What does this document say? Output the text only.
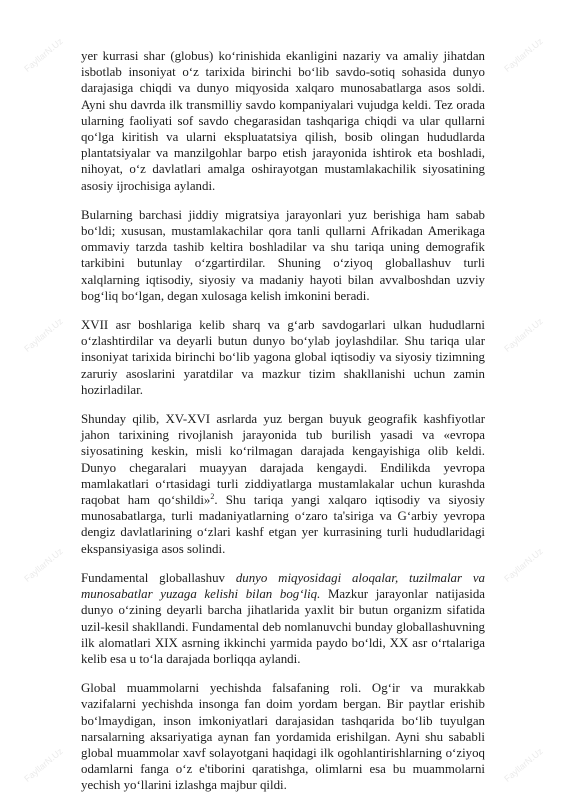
yer kurrasi shar (globus) ko‘rinishida ekanligini nazariy va amaliy jihatdan isbotlab insoniyat o‘z tarixida birinchi bo‘lib savdo-sotiq sohasida dunyo darajasiga chiqdi va dunyo miqyosida xalqaro munosabatlarga asos soldi. Ayni shu davrda ilk transmilliy savdo kompaniyalari vujudga keldi. Tez orada ularning faoliyati sof savdo chegarasidan tashqariga chiqdi va ular qullarni qo‘lga kiritish va ularni ekspluatatsiya qilish, bosib olingan hududlarda plantatsiyalar va manzilgohlar barpo etish jarayonida ishtirok eta boshladi, nihoyat, o‘z davlatlari amalga oshirayotgan mustamlakachilik siyosatining asosiy ijrochisiga aylandi.

Bularning barchasi jiddiy migratsiya jarayonlari yuz berishiga ham sabab bo‘ldi; xususan, mustamlakachilar qora tanli qullarni Afrikadan Amerikaga ommaviy tarzda tashib keltira boshladilar va shu tariqa uning demografik tarkibini butunlay o‘zgartirdilar. Shuning o‘ziyoq globallashuv turli xalqlarning iqtisodiy, siyosiy va madaniy hayoti bilan avvalboshdan uzviy bog‘liq bo‘lgan, degan xulosaga kelish imkonini beradi.

XVII asr boshlariga kelib sharq va g‘arb savdogarlari ulkan hududlarni o‘zlashtirdilar va deyarli butun dunyo bo‘ylab joylashdilar. Shu tariqa ular insoniyat tarixida birinchi bo‘lib yagona global iqtisodiy va siyosiy tizimning zaruriy asoslarini yaratdilar va mazkur tizim shakllanishi uchun zamin hozirladilar.

Shunday qilib, XV-XVI asrlarda yuz bergan buyuk geografik kashfiyotlar jahon tarixining rivojlanish jarayonida tub burilish yasadi va «evropa siyosatining keskin, misli ko‘rilmagan darajada kengayishiga olib keldi. Dunyo chegaralari muayyan darajada kengaydi. Endilikda yevropa mamlakatlari o‘rtasidagi turli ziddiyatlarga mustamlakalar uchun kurashda raqobat ham qo‘shildi»$^2$. Shu tariqa yangi xalqaro iqtisodiy va siyosiy munosabatlarga, turli madaniyatlarning o‘zaro ta'siriga va G‘arbiy yevropa dengiz davlatlarining o‘zlari kashf etgan yer kurrasining turli hududlaridagi ekspansiyasiga asos solindi.

Fundamental globallashuv dunyo miqyosidagi aloqalar, tuzilmalar va munosabatlar yuzaga kelishi bilan bog‘liq. Mazkur jarayonlar natijasida dunyo o‘zining deyarli barcha jihatlarida yaxlit bir butun organizm sifatida uzil-kesil shakllandi. Fundamental deb nomlanuvchi bunday globallashuvning ilk alomatlari XIX asrning ikkinchi yarmida paydo bo‘ldi, XX asr o‘rtalariga kelib esa u to‘la darajada borliqqa aylandi.

Global muammolarni yechishda falsafaning roli. Og‘ir va murakkab vazifalarni yechishda insonga fan doim yordam bergan. Bir paytlar erishib bo‘lmaydigan, inson imkoniyatlari darajasidan tashqarida bo‘lib tuyulgan narsalarning aksariyatiga aynan fan yordamida erishilgan. Ayni shu sababli global muammolar xavf solayotgani haqidagi ilk ogohlantirishlarning o‘ziyoq odamlarni fanga o‘z e'tiborini qaratishga, olimlarni esa bu muammolarni yechish yo‘llarini izlashga majbur qildi.

FayllarN.Uz	FayllarN.Uz
FayllarN.Uz	FayllarN.Uz
FayllarN.Uz	FayllarN.Uz
FayllarN.Uz	FayllarN.Uz
